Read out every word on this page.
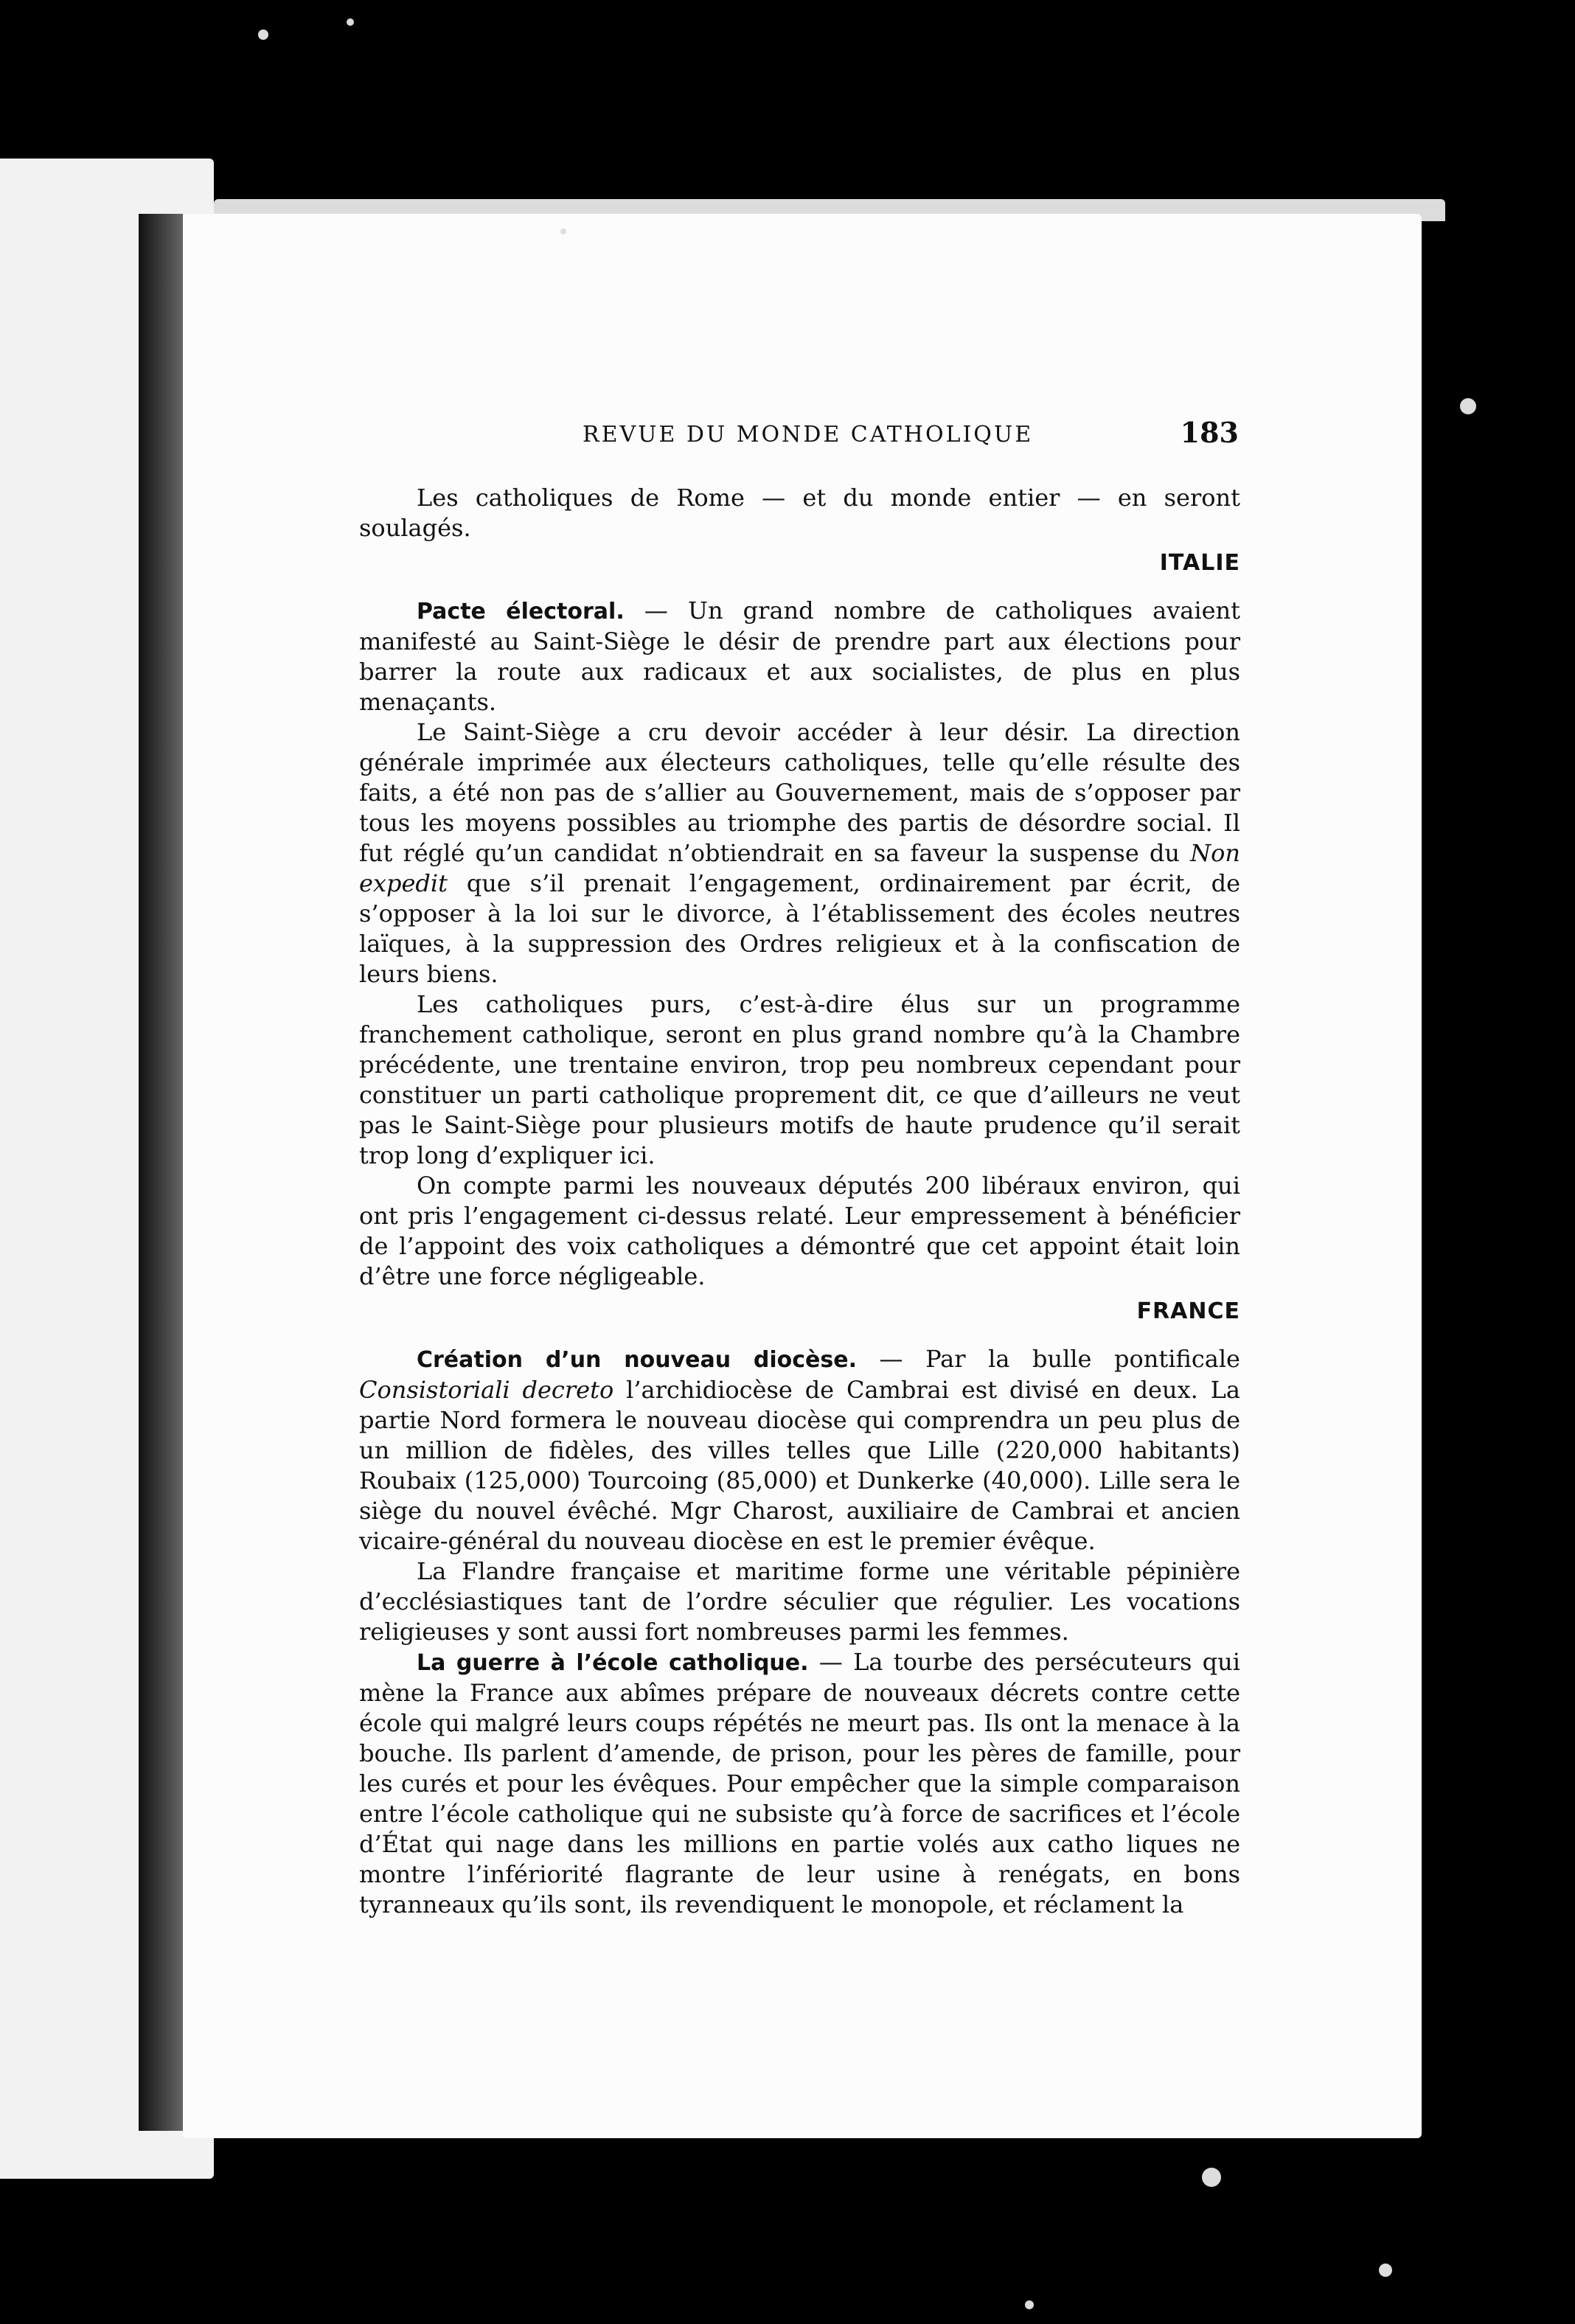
REVUE DU MONDE CATHOLIQUE	183

Les catholiques de Rome — et du monde entier — en seront soulagés.

ITALIE

Pacte électoral. — Un grand nombre de catholiques avaient manifesté au Saint-Siège le désir de prendre part aux élections pour barrer la route aux radicaux et aux socialistes, de plus en plus menaçants.

Le Saint-Siège a cru devoir accéder à leur désir. La direction générale imprimée aux électeurs catholiques, telle qu’elle résulte des faits, a été non pas de s’allier au Gouvernement, mais de s’opposer par tous les moyens possibles au triomphe des partis de désordre social. Il fut réglé qu’un candidat n’obtiendrait en sa faveur la suspense du Non expedit que s’il prenait l’engagement, ordinairement par écrit, de s’opposer à la loi sur le divorce, à l’établissement des écoles neutres laïques, à la suppression des Ordres religieux et à la confiscation de leurs biens.

Les catholiques purs, c’est-à-dire élus sur un programme franchement catholique, seront en plus grand nombre qu’à la Chambre précédente, une trentaine environ, trop peu nombreux cependant pour constituer un parti catholique proprement dit, ce que d’ailleurs ne veut pas le Saint-Siège pour plusieurs motifs de haute prudence qu’il serait trop long d’expliquer ici.

On compte parmi les nouveaux députés 200 libéraux environ, qui ont pris l’engagement ci-dessus relaté. Leur empressement à bénéficier de l’appoint des voix catholiques a démontré que cet appoint était loin d’être une force négligeable.

FRANCE

Création d’un nouveau diocèse. — Par la bulle pontificale Consistoriali decreto l’archidiocèse de Cambrai est divisé en deux. La partie Nord formera le nouveau diocèse qui comprendra un peu plus de un million de fidèles, des villes telles que Lille (220,000 habitants) Roubaix (125,000) Tourcoing (85,000) et Dunkerke (40,000). Lille sera le siège du nouvel évêché. Mgr Charost, auxiliaire de Cambrai et ancien vicaire-général du nouveau diocèse en est le premier évêque.

La Flandre française et maritime forme une véritable pépinière d’ecclésiastiques tant de l’ordre séculier que régulier. Les vocations religieuses y sont aussi fort nombreuses parmi les femmes.

La guerre à l’école catholique. — La tourbe des persécuteurs qui mène la France aux abîmes prépare de nouveaux décrets contre cette école qui malgré leurs coups répétés ne meurt pas. Ils ont la menace à la bouche. Ils parlent d’amende, de prison, pour les pères de famille, pour les curés et pour les évêques. Pour empêcher que la simple comparaison entre l’école catholique qui ne subsiste qu’à force de sacrifices et l’école d’État qui nage dans les millions en partie volés aux catho liques ne montre l’infériorité flagrante de leur usine à renégats, en bons tyranneaux qu’ils sont, ils revendiquent le monopole, et réclament la
